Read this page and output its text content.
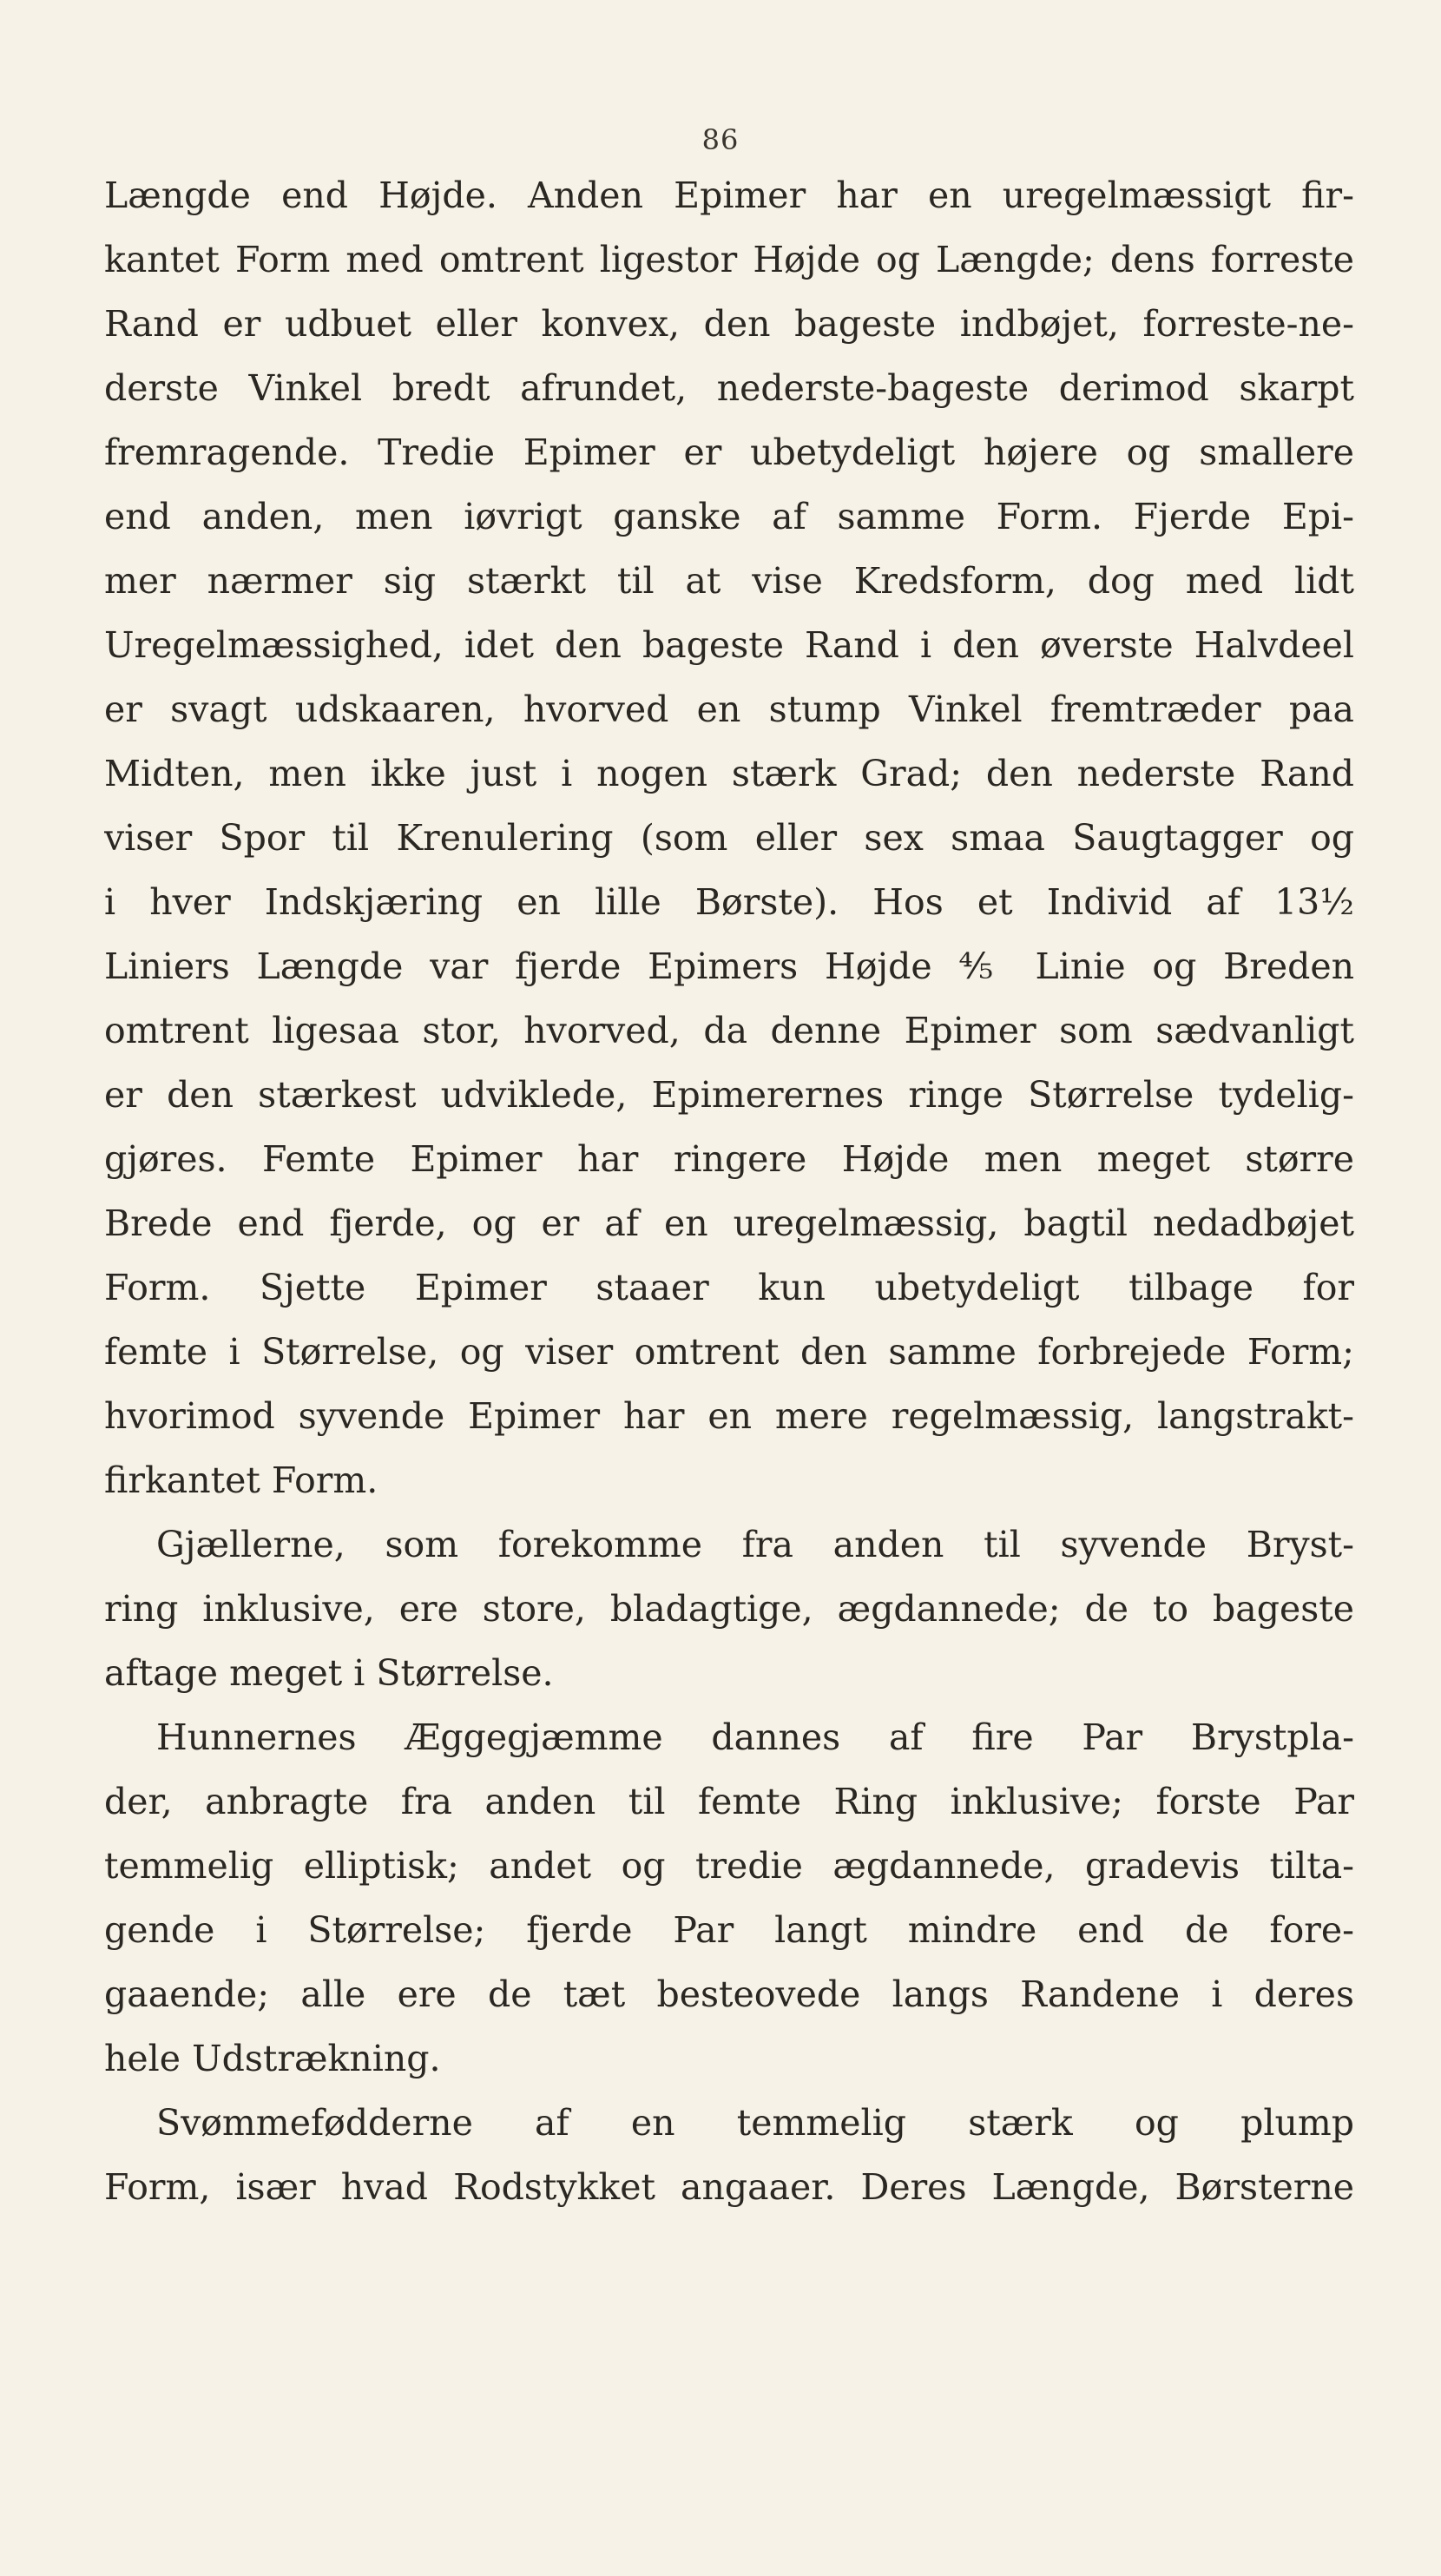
86
Længde end Højde. Anden Epimer har en uregelmæssigt fir-
kantet Form med omtrent ligestor Højde og Længde; dens forreste
Rand er udbuet eller konvex, den bageste indbøjet, forreste-ne-
derste Vinkel bredt afrundet, nederste-bageste derimod skarpt
fremragende. Tredie Epimer er ubetydeligt højere og smallere
end anden, men iøvrigt ganske af samme Form. Fjerde Epi-
mer nærmer sig stærkt til at vise Kredsform, dog med lidt
Uregelmæssighed, idet den bageste Rand i den øverste Halvdeel
er svagt udskaaren, hvorved en stump Vinkel fremtræder paa
Midten, men ikke just i nogen stærk Grad; den nederste Rand
viser Spor til Krenulering (som eller sex smaa Saugtagger og
i hver Indskjæring en lille Børste). Hos et Individ af 13½
Liniers Længde var fjerde Epimers Højde ⅘ Linie og Breden
omtrent ligesaa stor, hvorved, da denne Epimer som sædvanligt
er den stærkest udviklede, Epimerernes ringe Størrelse tydelig-
gjøres. Femte Epimer har ringere Højde men meget større
Brede end fjerde, og er af en uregelmæssig, bagtil nedadbøjet
Form. Sjette Epimer staaer kun ubetydeligt tilbage for
femte i Størrelse, og viser omtrent den samme forbrejede Form;
hvorimod syvende Epimer har en mere regelmæssig, langstrakt-
firkantet Form.
Gjællerne, som forekomme fra anden til syvende Bryst-
ring inklusive, ere store, bladagtige, ægdannede; de to bageste
aftage meget i Størrelse.
Hunnernes Æggegjæmme dannes af fire Par Brystpla-
der, anbragte fra anden til femte Ring inklusive; forste Par
temmelig elliptisk; andet og tredie ægdannede, gradevis tilta-
gende i Størrelse; fjerde Par langt mindre end de fore-
gaaende; alle ere de tæt besteovede langs Randene i deres
hele Udstrækning.
Svømmefødderne af en temmelig stærk og plump
Form, især hvad Rodstykket angaaer. Deres Længde, Børsterne
